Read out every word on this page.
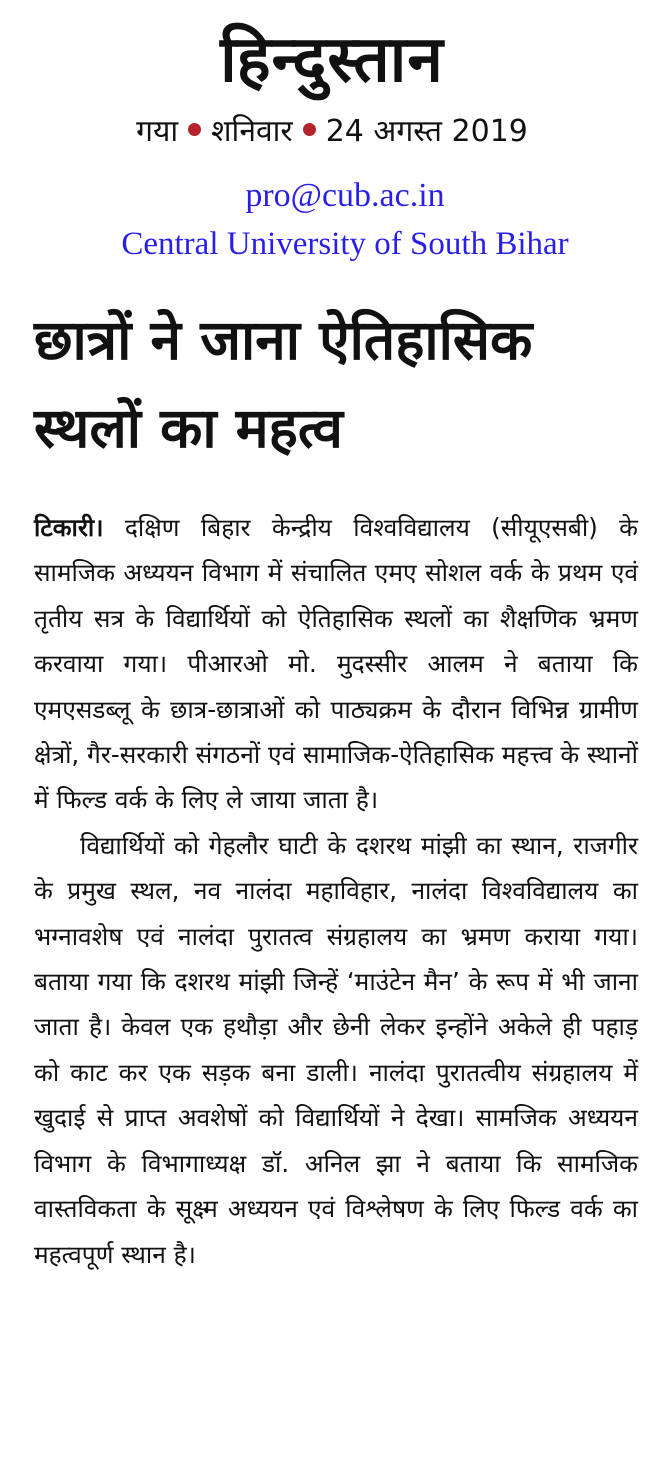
हिन्दुस्तान
गया शनिवार 24 अगस्त 2019
pro@cub.ac.in
Central University of South Bihar
छात्रों ने जाना ऐतिहासिक स्थलों का महत्व

टिकारी। दक्षिण बिहार केन्द्रीय विश्वविद्यालय (सीयूएसबी) के सामजिक अध्ययन विभाग में संचालित एमए सोशल वर्क के प्रथम एवं तृतीय सत्र के विद्यार्थियों को ऐतिहासिक स्थलों का शैक्षणिक भ्रमण करवाया गया। पीआरओ मो. मुदस्सीर आलम ने बताया कि एमएसडब्लू के छात्र-छात्राओं को पाठ्यक्रम के दौरान विभिन्न ग्रामीण क्षेत्रों, गैर-सरकारी संगठनों एवं सामाजिक-ऐतिहासिक महत्त्व के स्थानों में फिल्ड वर्क के लिए ले जाया जाता है।

विद्यार्थियों को गेहलौर घाटी के दशरथ मांझी का स्थान, राजगीर के प्रमुख स्थल, नव नालंदा महाविहार, नालंदा विश्वविद्यालय का भग्नावशेष एवं नालंदा पुरातत्व संग्रहालय का भ्रमण कराया गया। बताया गया कि दशरथ मांझी जिन्हें ‘माउंटेन मैन’ के रूप में भी जाना जाता है। केवल एक हथौड़ा और छेनी लेकर इन्होंने अकेले ही पहाड़ को काट कर एक सड़क बना डाली। नालंदा पुरातत्वीय संग्रहालय में खुदाई से प्राप्त अवशेषों को विद्यार्थियों ने देखा। सामजिक अध्ययन विभाग के विभागाध्यक्ष डॉ. अनिल झा ने बताया कि सामजिक वास्तविकता के सूक्ष्म अध्ययन एवं विश्लेषण के लिए फिल्ड वर्क का महत्वपूर्ण स्थान है।
